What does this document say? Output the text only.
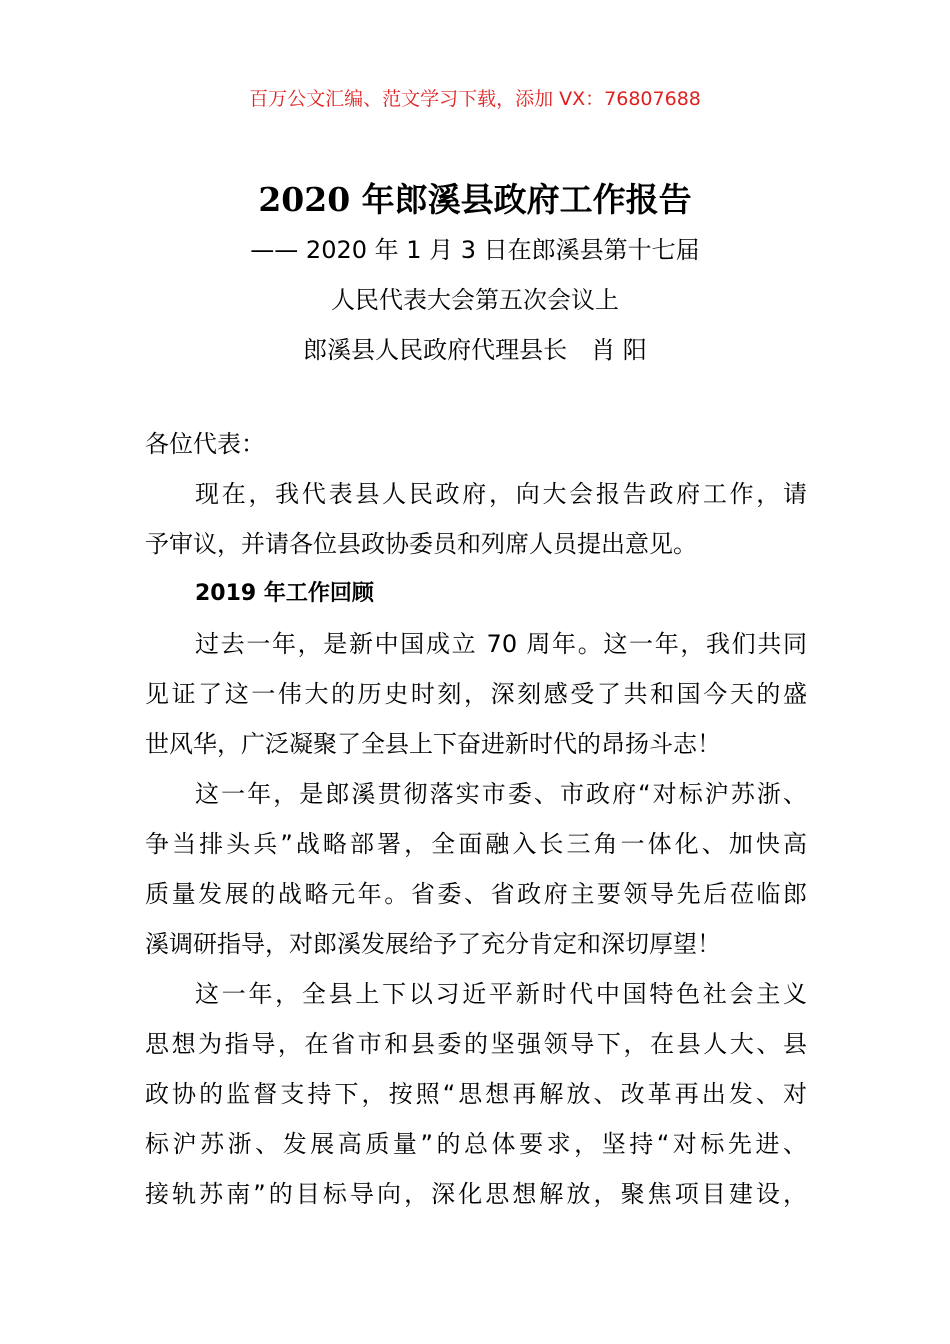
百万公文汇编、范文学习下载，添加 VX：76807688
2020 年郎溪县政府工作报告
—— 2020 年 1 月 3 日在郎溪县第十七届
人民代表大会第五次会议上
郎溪县人民政府代理县长　肖 阳
各位代表：
现在，我代表县人民政府，向大会报告政府工作，请
予审议，并请各位县政协委员和列席人员提出意见。
2019 年工作回顾
过去一年，是新中国成立 70 周年。这一年，我们共同
见证了这一伟大的历史时刻，深刻感受了共和国今天的盛
世风华，广泛凝聚了全县上下奋进新时代的昂扬斗志！
这一年，是郎溪贯彻落实市委、市政府“对标沪苏浙、
争当排头兵”战略部署，全面融入长三角一体化、加快高
质量发展的战略元年。省委、省政府主要领导先后莅临郎
溪调研指导，对郎溪发展给予了充分肯定和深切厚望！
这一年，全县上下以习近平新时代中国特色社会主义
思想为指导，在省市和县委的坚强领导下，在县人大、县
政协的监督支持下，按照“思想再解放、改革再出发、对
标沪苏浙、发展高质量”的总体要求，坚持“对标先进、
接轨苏南”的目标导向，深化思想解放，聚焦项目建设，
